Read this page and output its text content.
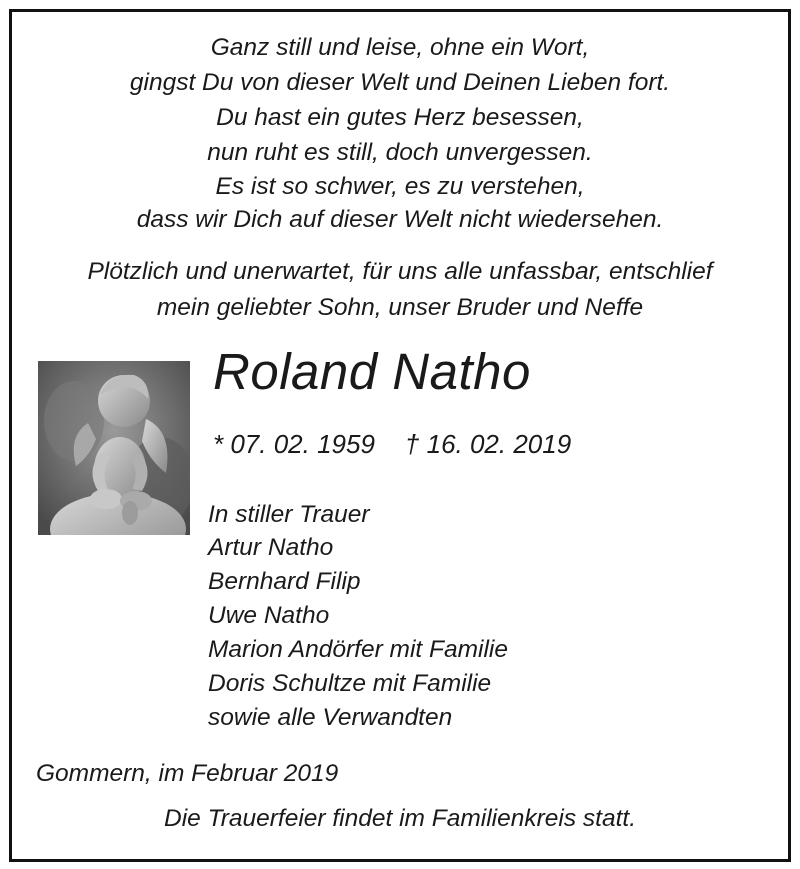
Ganz still und leise, ohne ein Wort,

gingst Du von dieser Welt und Deinen Lieben fort.

Du hast ein gutes Herz besessen,

nun ruht es still, doch unvergessen.

Es ist so schwer, es zu verstehen,

dass wir Dich auf dieser Welt nicht wiedersehen.

Plötzlich und unerwartet, für uns alle unfassbar, entschlief

mein geliebter Sohn, unser Bruder und Neffe

Roland Natho

* 07. 02. 1959 † 16. 02. 2019

In stiller Trauer

Artur Natho

Bernhard Filip

Uwe Natho

Marion Andörfer mit Familie

Doris Schultze mit Familie

sowie alle Verwandten

Gommern, im Februar 2019

Die Trauerfeier findet im Familienkreis statt.
